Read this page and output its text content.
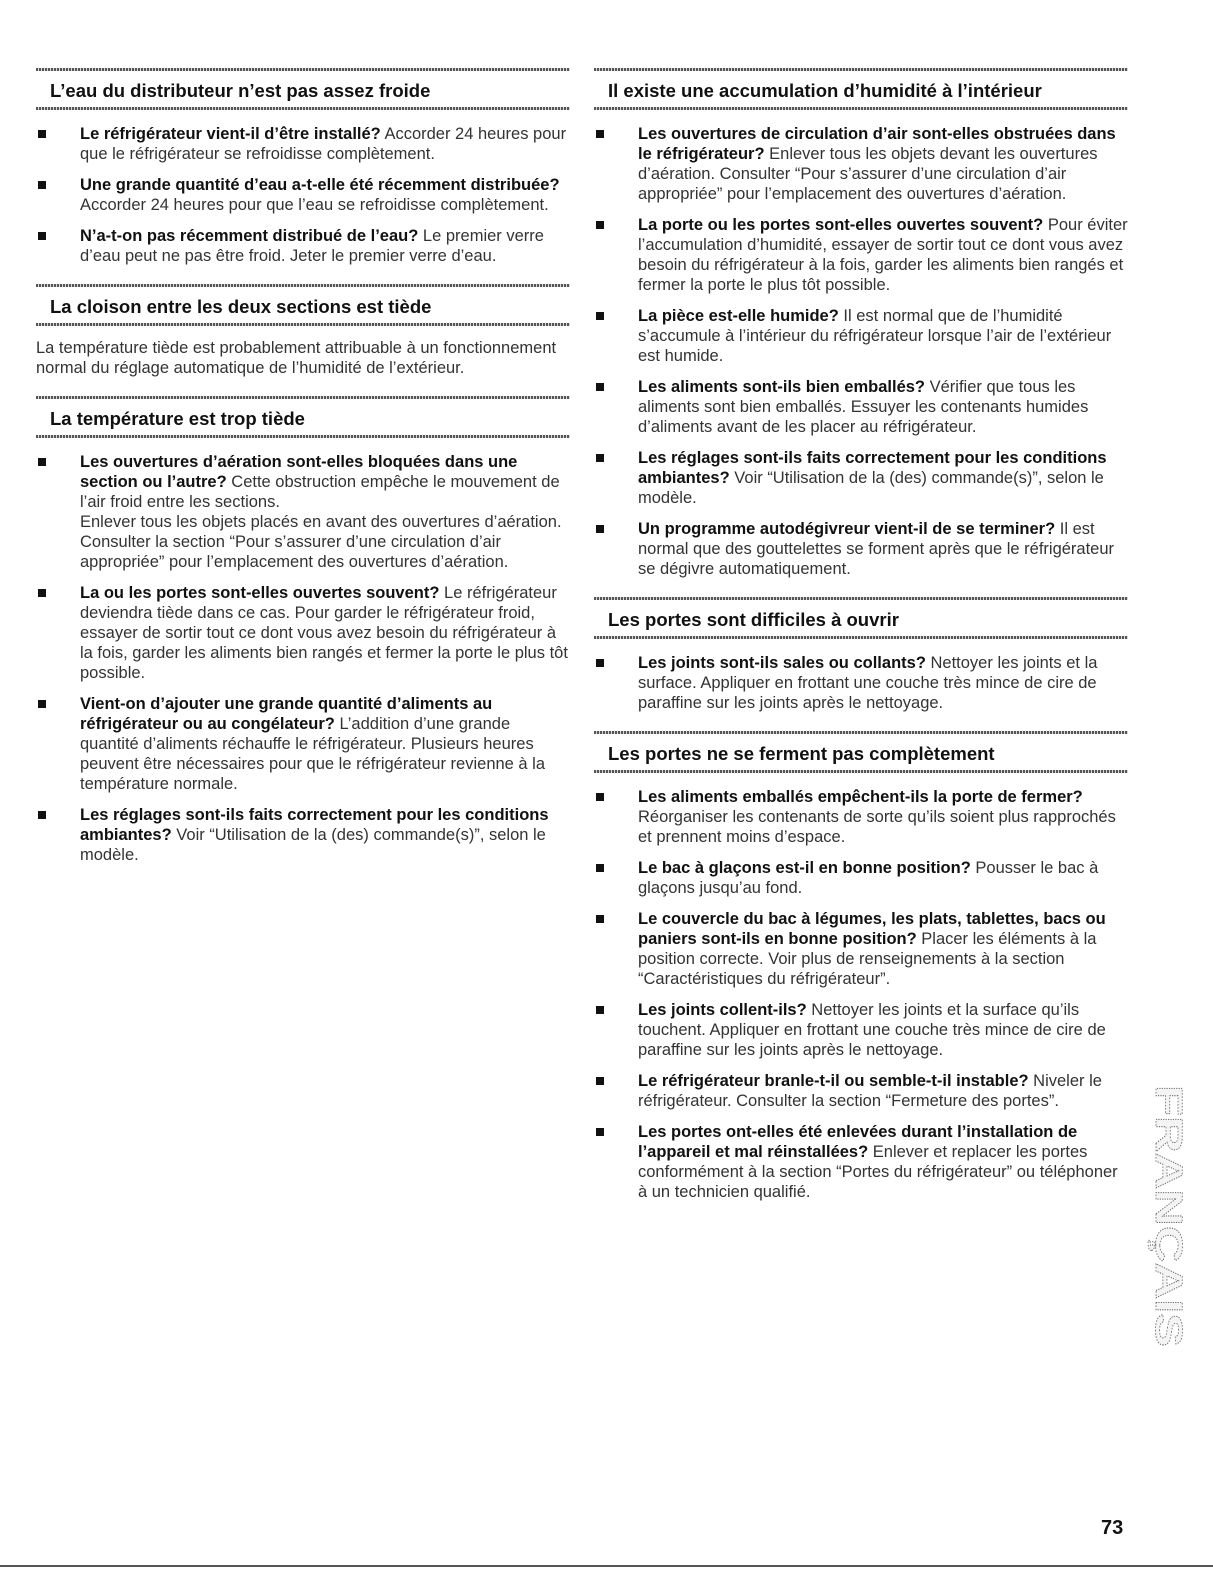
L’eau du distributeur n’est pas assez froide
Le réfrigérateur vient-il d’être installé? Accorder 24 heures pour que le réfrigérateur se refroidisse complètement.
Une grande quantité d’eau a-t-elle été récemment distribuée? Accorder 24 heures pour que l’eau se refroidisse complètement.
N’a-t-on pas récemment distribué de l’eau? Le premier verre d’eau peut ne pas être froid. Jeter le premier verre d’eau.
La cloison entre les deux sections est tiède
La température tiède est probablement attribuable à un fonctionnement normal du réglage automatique de l’humidité de l’extérieur.
La température est trop tiède
Les ouvertures d’aération sont-elles bloquées dans une section ou l’autre? Cette obstruction empêche le mouvement de l’air froid entre les sections.
Enlever tous les objets placés en avant des ouvertures d’aération. Consulter la section “Pour s’assurer d’une circulation d’air appropriée” pour l’emplacement des ouvertures d’aération.
La ou les portes sont-elles ouvertes souvent? Le réfrigérateur deviendra tiède dans ce cas. Pour garder le réfrigérateur froid, essayer de sortir tout ce dont vous avez besoin du réfrigérateur à la fois, garder les aliments bien rangés et fermer la porte le plus tôt possible.
Vient-on d’ajouter une grande quantité d’aliments au réfrigérateur ou au congélateur? L’addition d’une grande quantité d’aliments réchauffe le réfrigérateur. Plusieurs heures peuvent être nécessaires pour que le réfrigérateur revienne à la température normale.
Les réglages sont-ils faits correctement pour les conditions ambiantes? Voir “Utilisation de la (des) commande(s)”, selon le modèle.
Il existe une accumulation d’humidité à l’intérieur
Les ouvertures de circulation d’air sont-elles obstruées dans le réfrigérateur? Enlever tous les objets devant les ouvertures d’aération. Consulter “Pour s’assurer d’une circulation d’air appropriée” pour l’emplacement des ouvertures d’aération.
La porte ou les portes sont-elles ouvertes souvent? Pour éviter l’accumulation d’humidité, essayer de sortir tout ce dont vous avez besoin du réfrigérateur à la fois, garder les aliments bien rangés et fermer la porte le plus tôt possible.
La pièce est-elle humide? Il est normal que de l’humidité s’accumule à l’intérieur du réfrigérateur lorsque l’air de l’extérieur est humide.
Les aliments sont-ils bien emballés? Vérifier que tous les aliments sont bien emballés. Essuyer les contenants humides d’aliments avant de les placer au réfrigérateur.
Les réglages sont-ils faits correctement pour les conditions ambiantes? Voir “Utilisation de la (des) commande(s)”, selon le modèle.
Un programme autodégivreur vient-il de se terminer? Il est normal que des gouttelettes se forment après que le réfrigérateur se dégivre automatiquement.
Les portes sont difficiles à ouvrir
Les joints sont-ils sales ou collants? Nettoyer les joints et la surface. Appliquer en frottant une couche très mince de cire de paraffine sur les joints après le nettoyage.
Les portes ne se ferment pas complètement
Les aliments emballés empêchent-ils la porte de fermer? Réorganiser les contenants de sorte qu’ils soient plus rapprochés et prennent moins d’espace.
Le bac à glaçons est-il en bonne position? Pousser le bac à glaçons jusqu’au fond.
Le couvercle du bac à légumes, les plats, tablettes, bacs ou paniers sont-ils en bonne position? Placer les éléments à la position correcte. Voir plus de renseignements à la section “Caractéristiques du réfrigérateur”.
Les joints collent-ils? Nettoyer les joints et la surface qu’ils touchent. Appliquer en frottant une couche très mince de cire de paraffine sur les joints après le nettoyage.
Le réfrigérateur branle-t-il ou semble-t-il instable? Niveler le réfrigérateur. Consulter la section “Fermeture des portes”.
Les portes ont-elles été enlevées durant l’installation de l’appareil et mal réinstallées? Enlever et replacer les portes conformément à la section “Portes du réfrigérateur” ou téléphoner à un technicien qualifié.	FRANÇAIS
73
